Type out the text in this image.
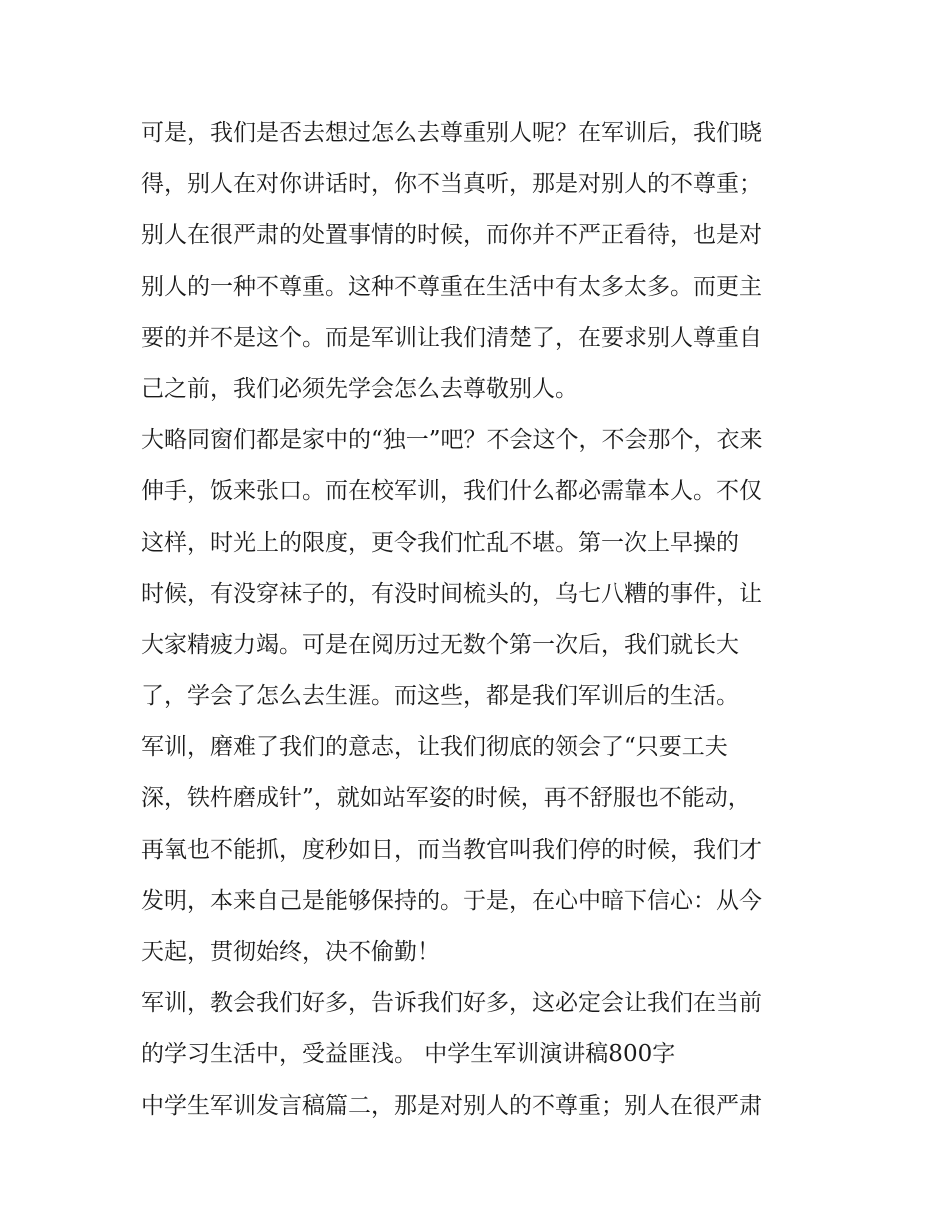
可是，我们是否去想过怎么去尊重别人呢？在军训后，我们晓
得，别人在对你讲话时，你不当真听，那是对别人的不尊重；
别人在很严肃的处置事情的时候，而你并不严正看待，也是对
别人的一种不尊重。这种不尊重在生活中有太多太多。而更主
要的并不是这个。而是军训让我们清楚了，在要求别人尊重自
己之前，我们必须先学会怎么去尊敬别人。
大略同窗们都是家中的“独一”吧？不会这个，不会那个，衣来
伸手，饭来张口。而在校军训，我们什么都必需靠本人。不仅
这样，时光上的限度，更令我们忙乱不堪。第一次上早操的
时候，有没穿袜子的，有没时间梳头的，乌七八糟的事件，让
大家精疲力竭。可是在阅历过无数个第一次后，我们就长大
了，学会了怎么去生涯。而这些，都是我们军训后的生活。
军训，磨难了我们的意志，让我们彻底的领会了“只要工夫
深，铁杵磨成针”，就如站军姿的时候，再不舒服也不能动，
再氧也不能抓，度秒如日，而当教官叫我们停的时候，我们才
发明，本来自己是能够保持的。于是，在心中暗下信心：从今
天起，贯彻始终，决不偷勤！
军训，教会我们好多，告诉我们好多，这必定会让我们在当前
的学习生活中，受益匪浅。 中学生军训演讲稿800字
中学生军训发言稿篇二，那是对别人的不尊重；别人在很严肃
